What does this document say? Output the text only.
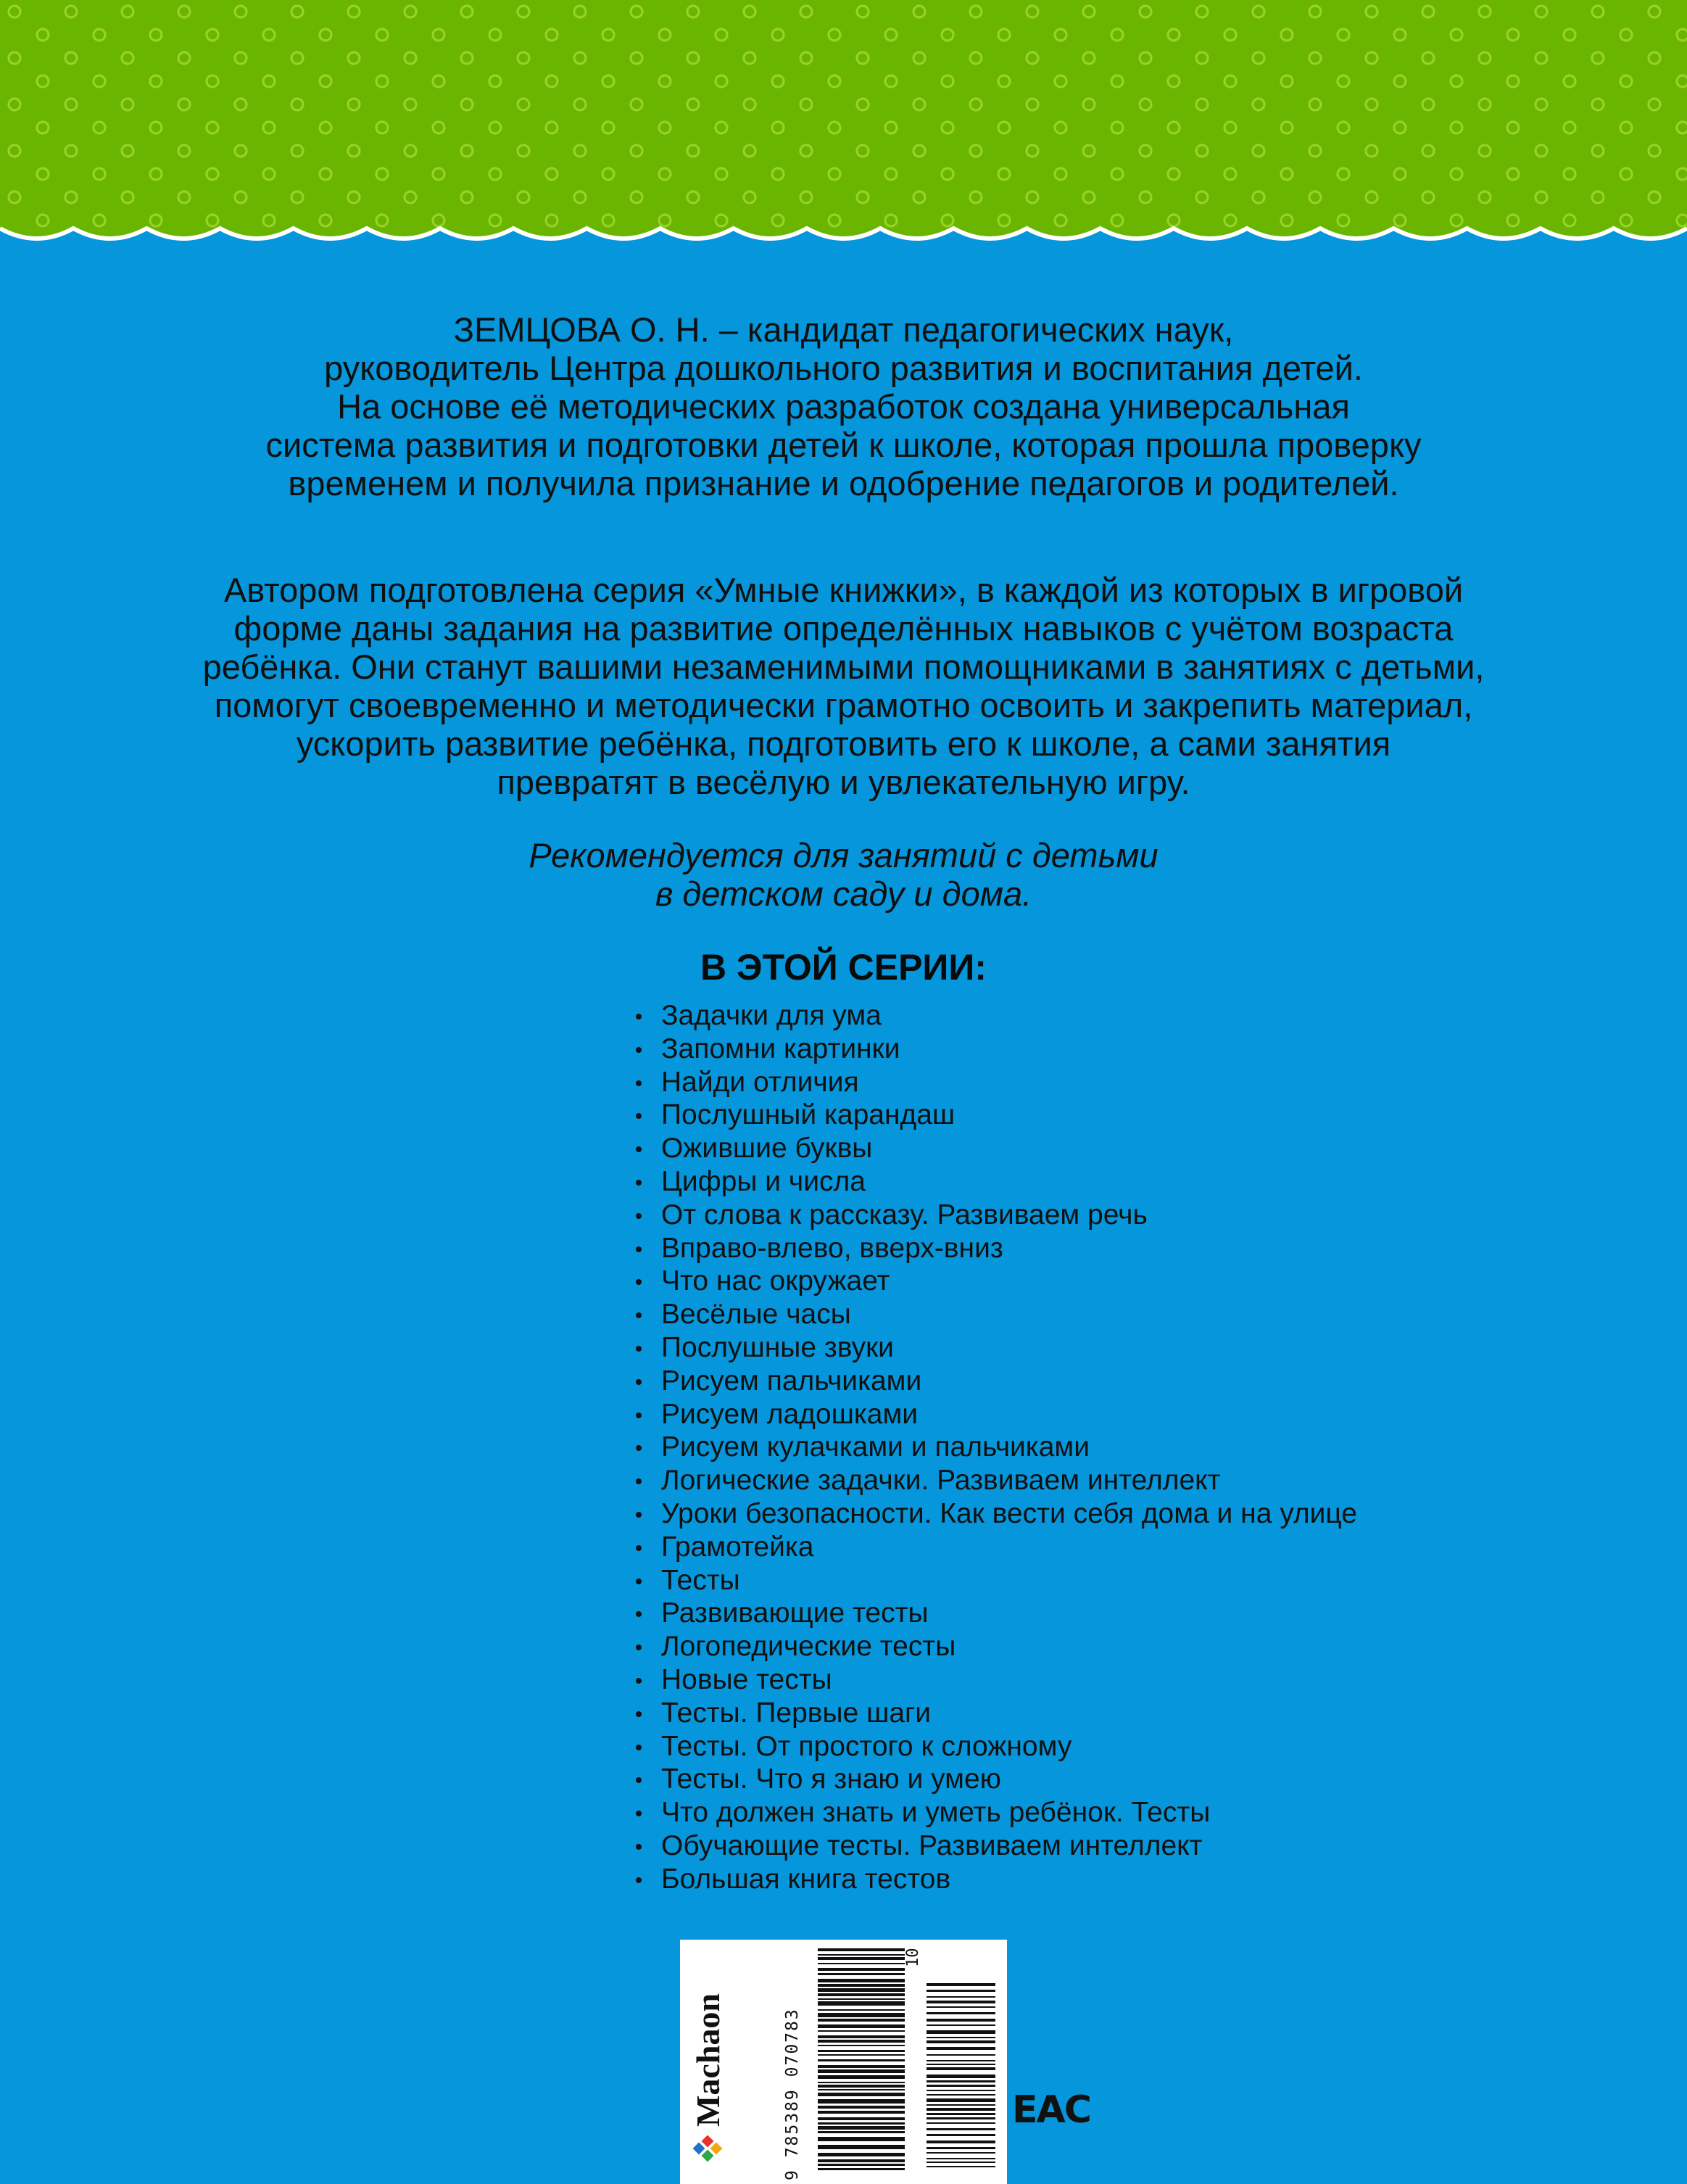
ЗЕМЦОВА О. Н. – кандидат педагогических наук,
руководитель Центра дошкольного развития и воспитания детей.
На основе её методических разработок создана универсальная
система развития и подготовки детей к школе, которая прошла проверку
временем и получила признание и одобрение педагогов и родителей.
Автором подготовлена серия «Умные книжки», в каждой из которых в игровой
форме даны задания на развитие определённых навыков с учётом возраста
ребёнка. Они станут вашими незаменимыми помощниками в занятиях с детьми,
помогут своевременно и методически грамотно освоить и закрепить материал,
ускорить развитие ребёнка, подготовить его к школе, а сами занятия
превратят в весёлую и увлекательную игру.
Рекомендуется для занятий с детьми
в детском саду и дома.
В ЭТОЙ СЕРИИ:
Задачки для ума
Запомни картинки
Найди отличия
Послушный карандаш
Ожившие буквы
Цифры и числа
От слова к рассказу. Развиваем речь
Вправо-влево, вверх-вниз
Что нас окружает
Весёлые часы
Послушные звуки
Рисуем пальчиками
Рисуем ладошками
Рисуем кулачками и пальчиками
Логические задачки. Развиваем интеллект
Уроки безопасности. Как вести себя дома и на улице
Грамотейка
Тесты
Развивающие тесты
Логопедические тесты
Новые тесты
Тесты. Первые шаги
Тесты. От простого к сложному
Тесты. Что я знаю и умею
Что должен знать и уметь ребёнок. Тесты
Обучающие тесты. Развиваем интеллект
Большая книга тестов
Machaon
10
9 785389 070783	EAC
